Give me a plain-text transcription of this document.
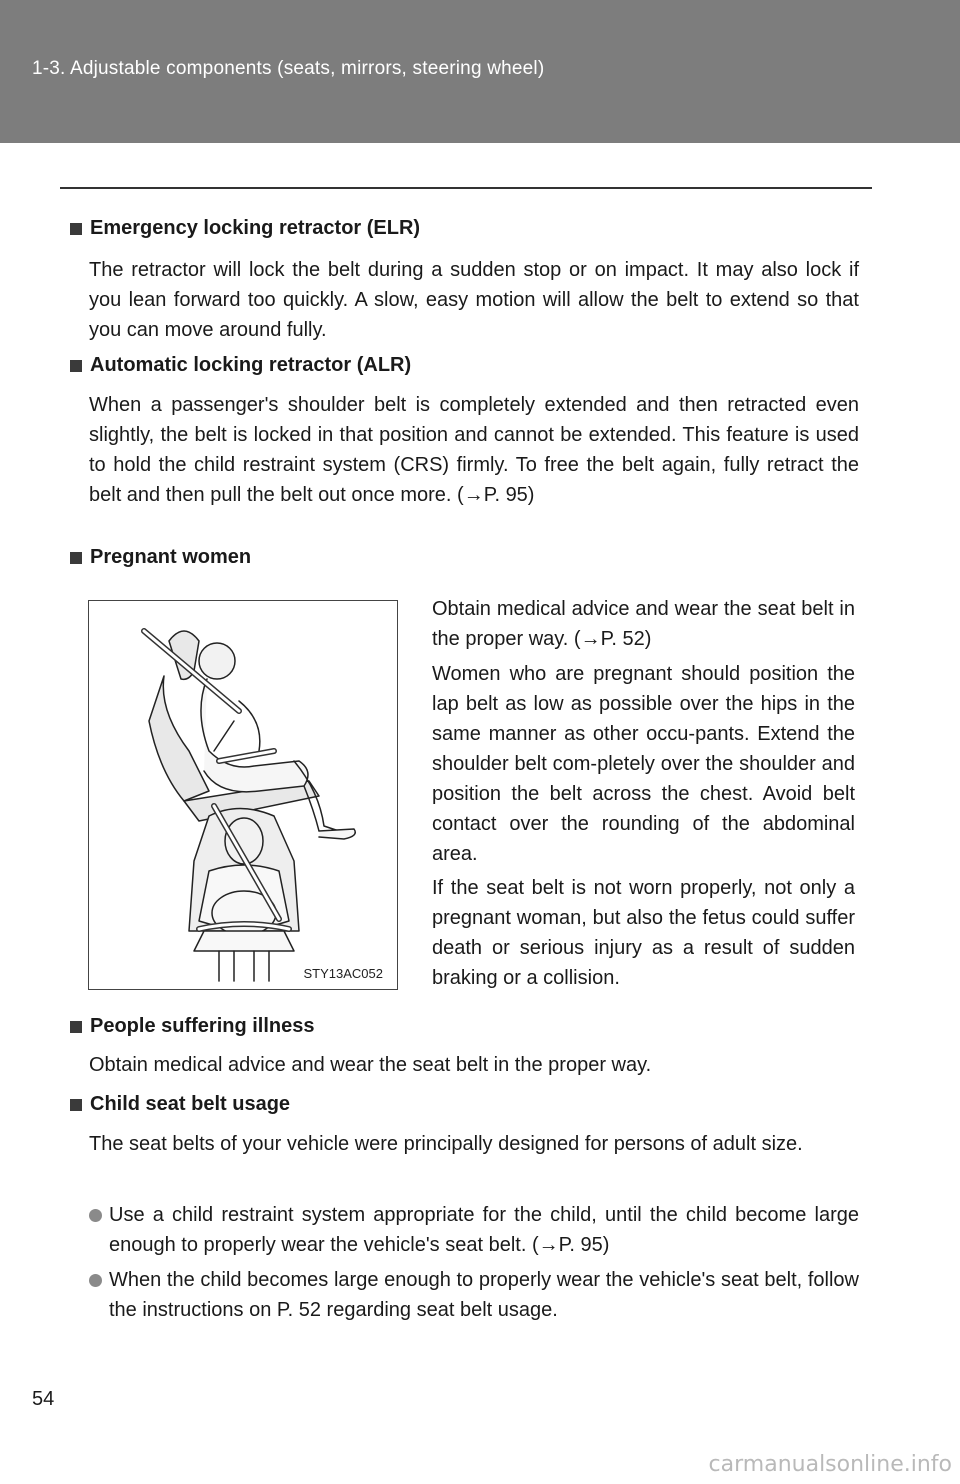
1-3. Adjustable components (seats, mirrors, steering wheel)
Emergency locking retractor (ELR)
The retractor will lock the belt during a sudden stop or on impact. It may also lock if you lean forward too quickly. A slow, easy motion will allow the belt to extend so that you can move around fully.
Automatic locking retractor (ALR)
When a passenger's shoulder belt is completely extended and then retracted even slightly, the belt is locked in that position and cannot be extended. This feature is used to hold the child restraint system (CRS) firmly. To free the belt again, fully retract the belt and then pull the belt out once more. (→P. 95)
Pregnant women
STY13AC052
Obtain medical advice and wear the seat belt in the proper way. (→P. 52)
Women who are pregnant should position the lap belt as low as possible over the hips in the same manner as other occu-pants. Extend the shoulder belt com-pletely over the shoulder and position the belt across the chest. Avoid belt contact over the rounding of the abdominal area.
If the seat belt is not worn properly, not only a pregnant woman, but also the fetus could suffer death or serious injury as a result of sudden braking or a collision.
People suffering illness
Obtain medical advice and wear the seat belt in the proper way.
Child seat belt usage
The seat belts of your vehicle were principally designed for persons of adult size.
Use a child restraint system appropriate for the child, until the child become large enough to properly wear the vehicle's seat belt. (→P. 95)
When the child becomes large enough to properly wear the vehicle's seat belt, follow the instructions on P. 52 regarding seat belt usage.
54
carmanualsonline.info
